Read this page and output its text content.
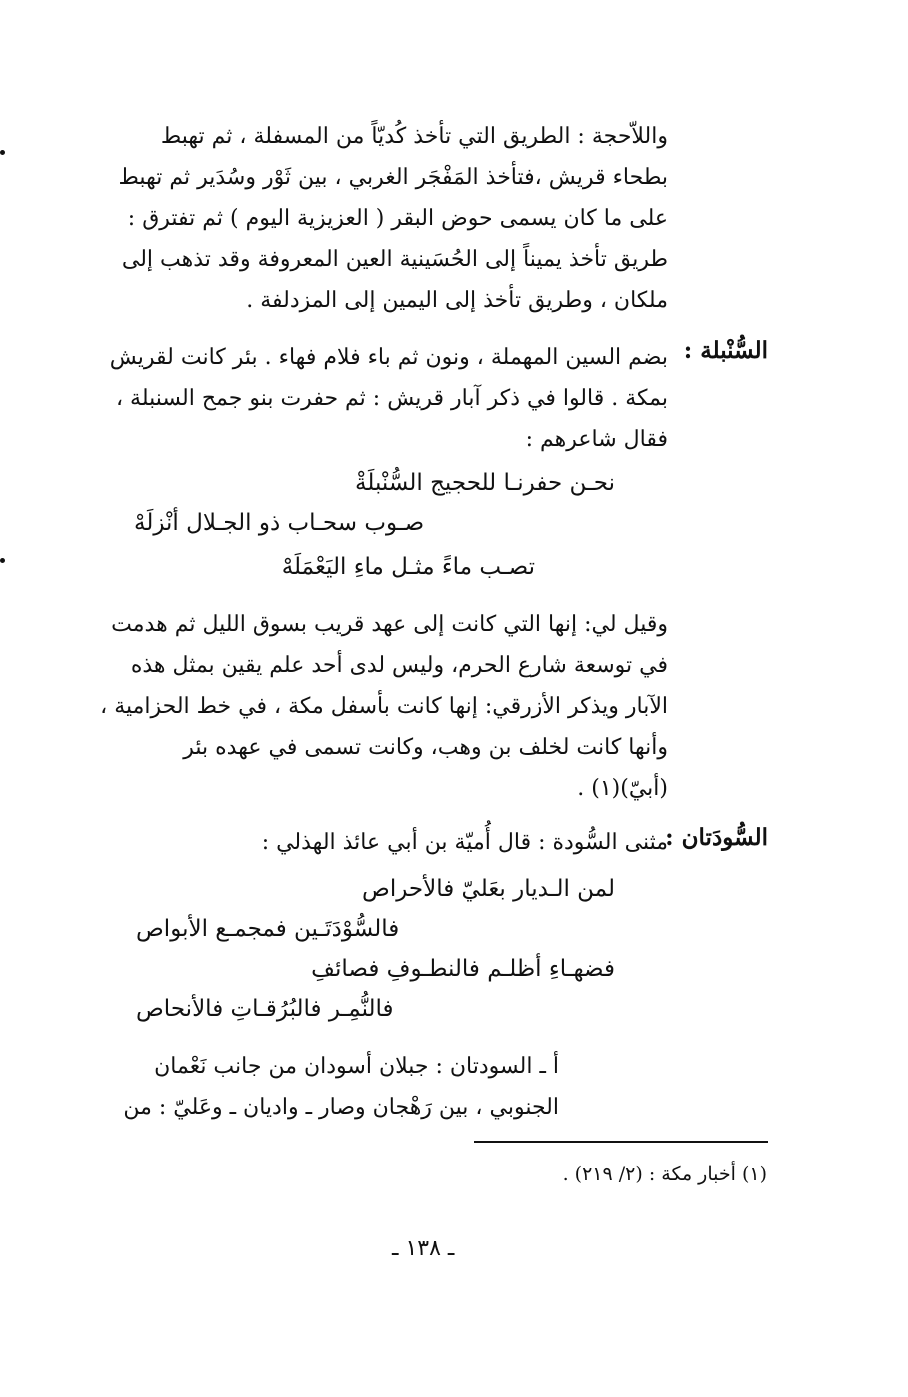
واللاّحجة : الطريق التي تأخذ كُديّاً من المسفلة ، ثم تهبط
بطحاء قريش ،فتأخذ المَفْجَر الغربي ، بين ثَوْر وسُدَير ثم تهبط
على ما كان يسمى حوض البقر ( العزيزية اليوم ) ثم تفترق :
طريق تأخذ يميناً إلى الحُسَينية العين المعروفة وقد تذهب إلى
ملكان ، وطريق تأخذ إلى اليمين إلى المزدلفة .
السُّنْبلة :
بضم السين المهملة ، ونون ثم باء فلام فهاء . بئر كانت لقريش
بمكة . قالوا في ذكر آبار قريش : ثم حفرت بنو جمح السنبلة ،
فقال شاعرهم :
نحـن حفرنـا للحجيج السُّنْبلَةْ
صـوب سحـاب ذو الجـلال أنْزلَهْ
تصـب ماءً مثـل ماءِ اليَعْمَلَهْ
وقيل لي: إنها التي كانت إلى عهد قريب بسوق الليل ثم هدمت
في توسعة شارع الحرم، وليس لدى أحد علم يقين بمثل هذه
الآبار ويذكر الأزرقي: إنها كانت بأسفل مكة ، في خط الحزامية ،
وأنها كانت لخلف بن وهب، وكانت تسمى في عهده بئر
(أبيّ)(١) .
السُّودَتان :
مثنى السُّودة : قال أُميّة بن أبي عائذ الهذلي :
لمن الـديار بعَليّ فالأحراص
فالسُّوْدَتَـين فمجمـع الأبواص
فضهـاءِ أظلـم فالنطـوفِ فصائفِ
فالنُّمِـر فالبُرُقـاتِ فالأنحاص
أ ـ السودتان : جبلان أسودان من جانب نَعْمان
الجنوبي ، بين رَهْجان وصار ـ واديان ـ وعَليّ : من
(١) أخبار مكة : (٢/ ٢١٩) .
ـ ١٣٨ ـ
